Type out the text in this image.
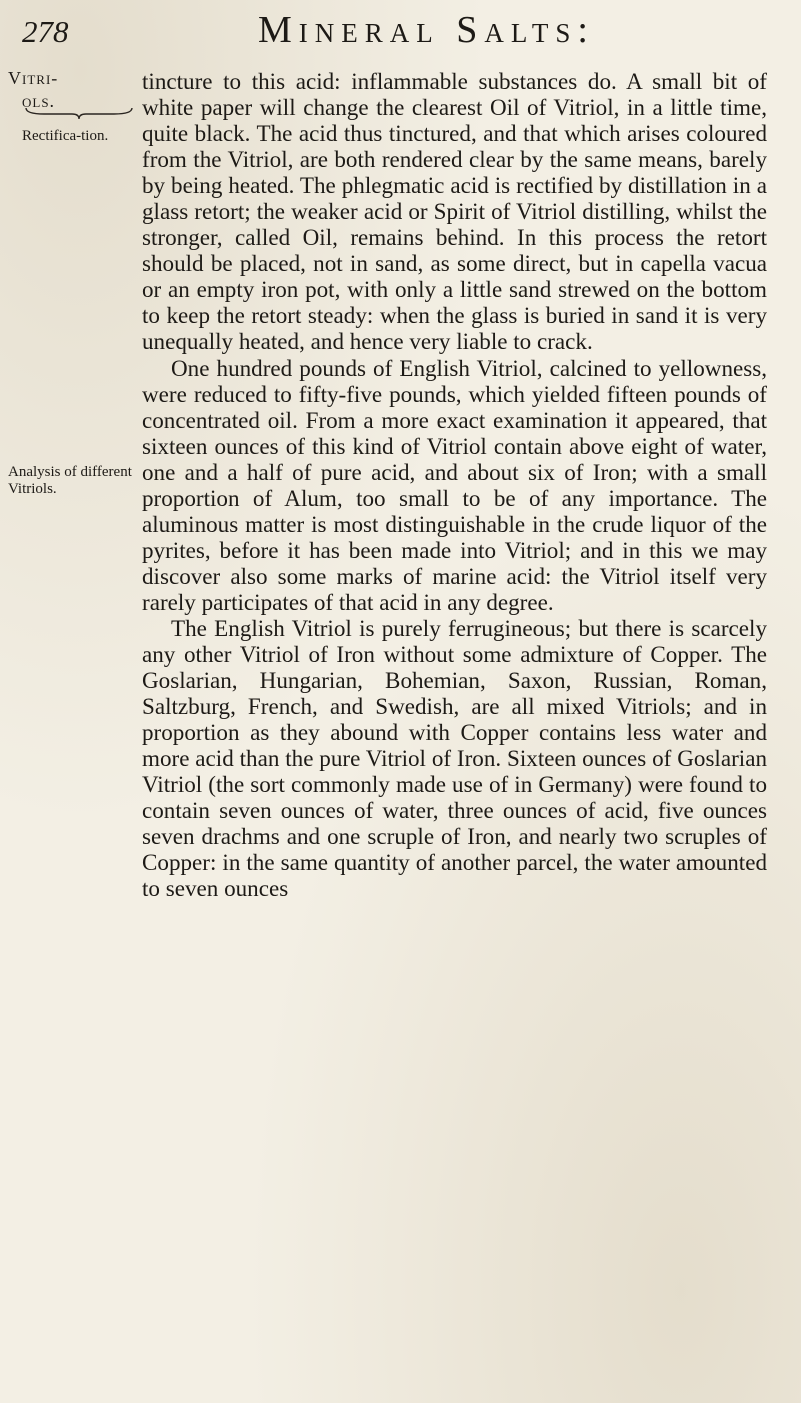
278	Mineral Salts:
Vitri-
ols.
Rectifica-tion.
Analysis of different Vitriols.

tincture to this acid: inflammable substances do. A small bit of white paper will change the clearest Oil of Vitriol, in a little time, quite black. The acid thus tinctured, and that which arises coloured from the Vitriol, are both rendered clear by the same means, barely by being heated. The phlegmatic acid is rectified by distillation in a glass retort; the weaker acid or Spirit of Vitriol distilling, whilst the stronger, called Oil, remains behind. In this process the retort should be placed, not in sand, as some direct, but in capella vacua or an empty iron pot, with only a little sand strewed on the bottom to keep the retort steady: when the glass is buried in sand it is very unequally heated, and hence very liable to crack.

One hundred pounds of English Vitriol, calcined to yellowness, were reduced to fifty-five pounds, which yielded fifteen pounds of concentrated oil. From a more exact examination it appeared, that sixteen ounces of this kind of Vitriol contain above eight of water, one and a half of pure acid, and about six of Iron; with a small proportion of Alum, too small to be of any importance. The aluminous matter is most distinguishable in the crude liquor of the pyrites, before it has been made into Vitriol; and in this we may discover also some marks of marine acid: the Vitriol itself very rarely participates of that acid in any degree.

The English Vitriol is purely ferrugineous; but there is scarcely any other Vitriol of Iron without some admixture of Copper. The Goslarian, Hungarian, Bohemian, Saxon, Russian, Roman, Saltzburg, French, and Swedish, are all mixed Vitriols; and in proportion as they abound with Copper contains less water and more acid than the pure Vitriol of Iron. Sixteen ounces of Goslarian Vitriol (the sort commonly made use of in Germany) were found to contain seven ounces of water, three ounces of acid, five ounces seven drachms and one scruple of Iron, and nearly two scruples of Copper: in the same quantity of another parcel, the water amounted to seven ounces
